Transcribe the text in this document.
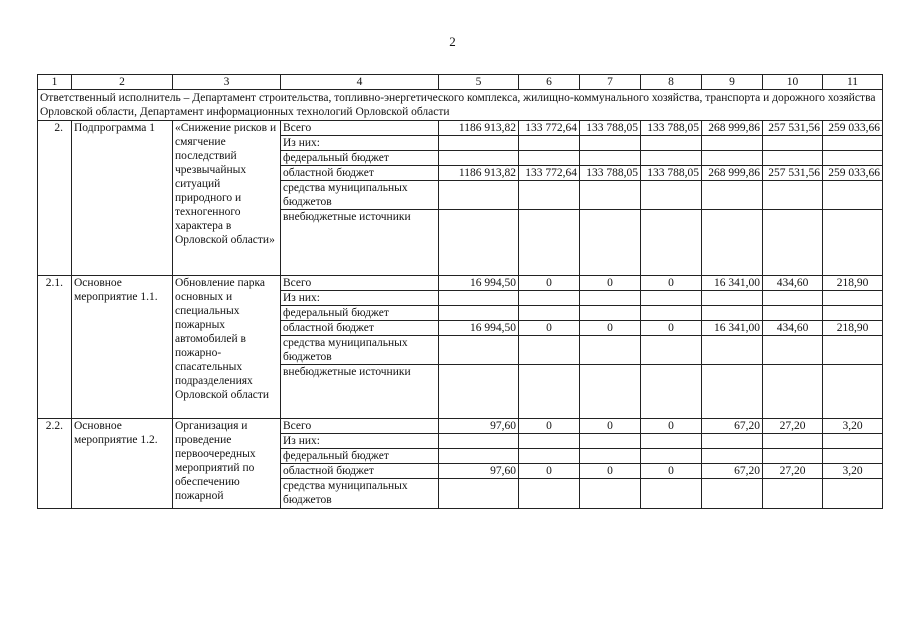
2
1	2	3	4	5	6	7	8	9	10	11
Ответственный исполнитель – Департамент строительства, топливно-энергетического комплекса, жилищно-коммунального хозяйства, транспорта и дорожного хозяйства Орловской области, Департамент информационных технологий Орловской области										
2.	Подпрограмма 1	«Снижение рисков и смягчение последствий чрезвычайных ситуаций природного и техногенного характера в Орловской области»	Всего	1186 913,82	133 772,64	133 788,05	133 788,05	268 999,86	257 531,56	259 033,66
			Из них:							
			федеральный бюджет							
			областной бюджет	1186 913,82	133 772,64	133 788,05	133 788,05	268 999,86	257 531,56	259 033,66
			средства муниципальных бюджетов							
			внебюджетные источники							
2.1.	Основное мероприятие 1.1.	Обновление парка основных и специальных пожарных автомобилей в пожарно-спасательных подразделениях Орловской области	Всего	16 994,50	0	0	0	16 341,00	434,60	218,90
			Из них:							
			федеральный бюджет							
			областной бюджет	16 994,50	0	0	0	16 341,00	434,60	218,90
			средства муниципальных бюджетов							
			внебюджетные источники							
2.2.	Основное мероприятие 1.2.	Организация и проведение первоочередных мероприятий по обеспечению пожарной	Всего	97,60	0	0	0	67,20	27,20	3,20
			Из них:							
			федеральный бюджет							
			областной бюджет	97,60	0	0	0	67,20	27,20	3,20
			средства муниципальных бюджетов							
